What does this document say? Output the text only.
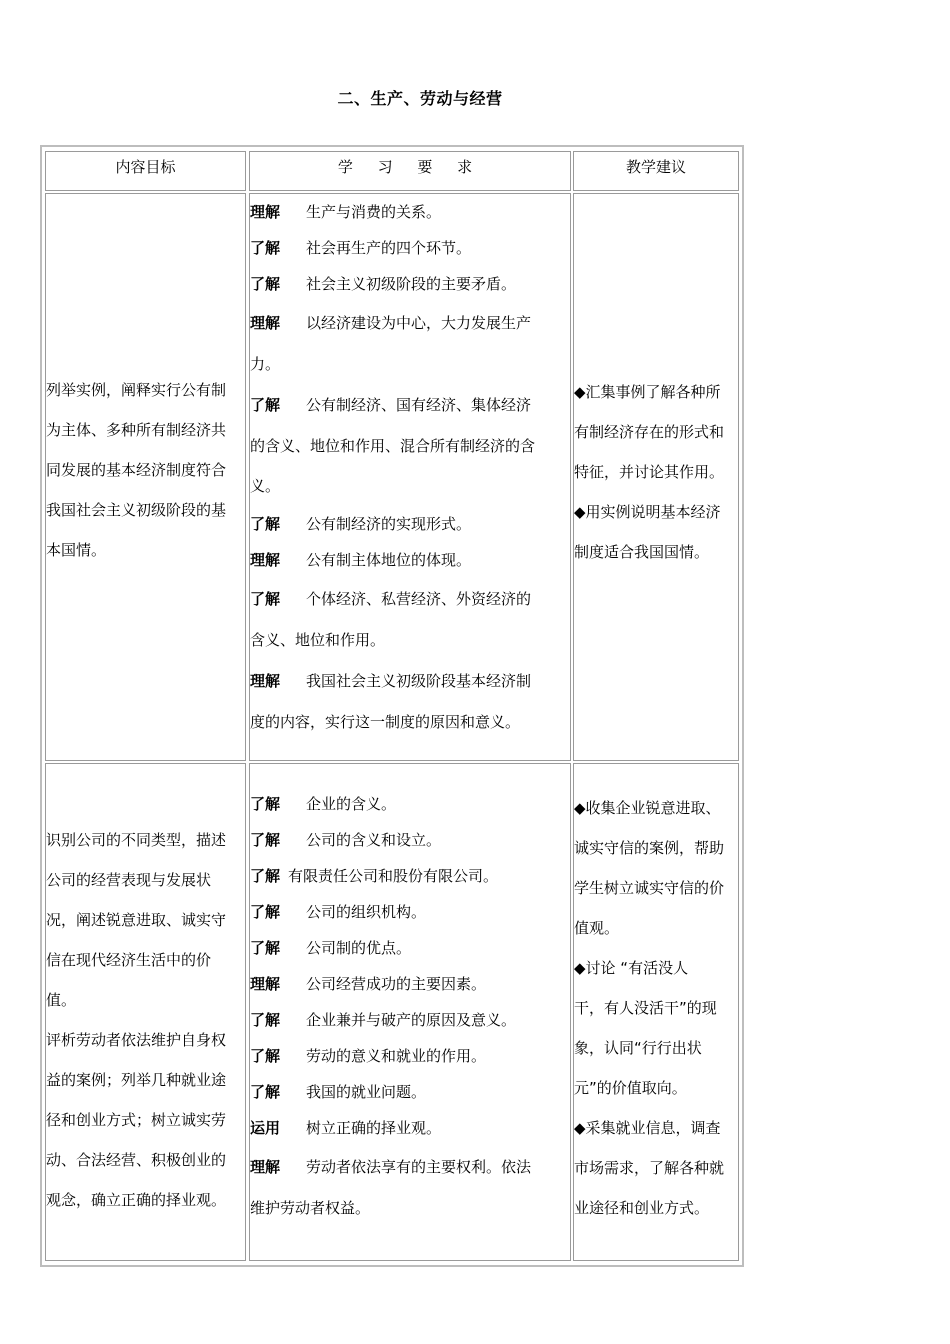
二、生产、劳动与经营
内容目标	学 习 要 求	教学建议
列举实例，阐释实行公有制
为主体、多种所有制经济共
同发展的基本经济制度符合
我国社会主义初级阶段的基
本国情。
理解 生产与消费的关系。
了解 社会再生产的四个环节。
了解 社会主义初级阶段的主要矛盾。
理解 以经济建设为中心，大力发展生产
力。
了解 公有制经济、国有经济、集体经济
的含义、地位和作用、混合所有制经济的含
义。
了解 公有制经济的实现形式。
理解 公有制主体地位的体现。
了解 个体经济、私营经济、外资经济的
含义、地位和作用。
理解 我国社会主义初级阶段基本经济制
度的内容，实行这一制度的原因和意义。
◆汇集事例了解各种所
有制经济存在的形式和
特征，并讨论其作用。
◆用实例说明基本经济
制度适合我国国情。
识别公司的不同类型，描述
公司的经营表现与发展状
况，阐述锐意进取、诚实守
信在现代经济生活中的价
值。
评析劳动者依法维护自身权
益的案例；列举几种就业途
径和创业方式；树立诚实劳
动、合法经营、积极创业的
观念，确立正确的择业观。
了解 企业的含义。
了解 公司的含义和设立。
了解 有限责任公司和股份有限公司。
了解 公司的组织机构。
了解 公司制的优点。
理解 公司经营成功的主要因素。
了解 企业兼并与破产的原因及意义。
了解 劳动的意义和就业的作用。
了解 我国的就业问题。
运用 树立正确的择业观。
理解 劳动者依法享有的主要权利。依法
维护劳动者权益。
◆收集企业锐意进取、
诚实守信的案例，帮助
学生树立诚实守信的价
值观。
◆讨论 “有活没人
干，有人没活干”的现
象，认同“行行出状
元”的价值取向。
◆采集就业信息，调查
市场需求，了解各种就
业途径和创业方式。
